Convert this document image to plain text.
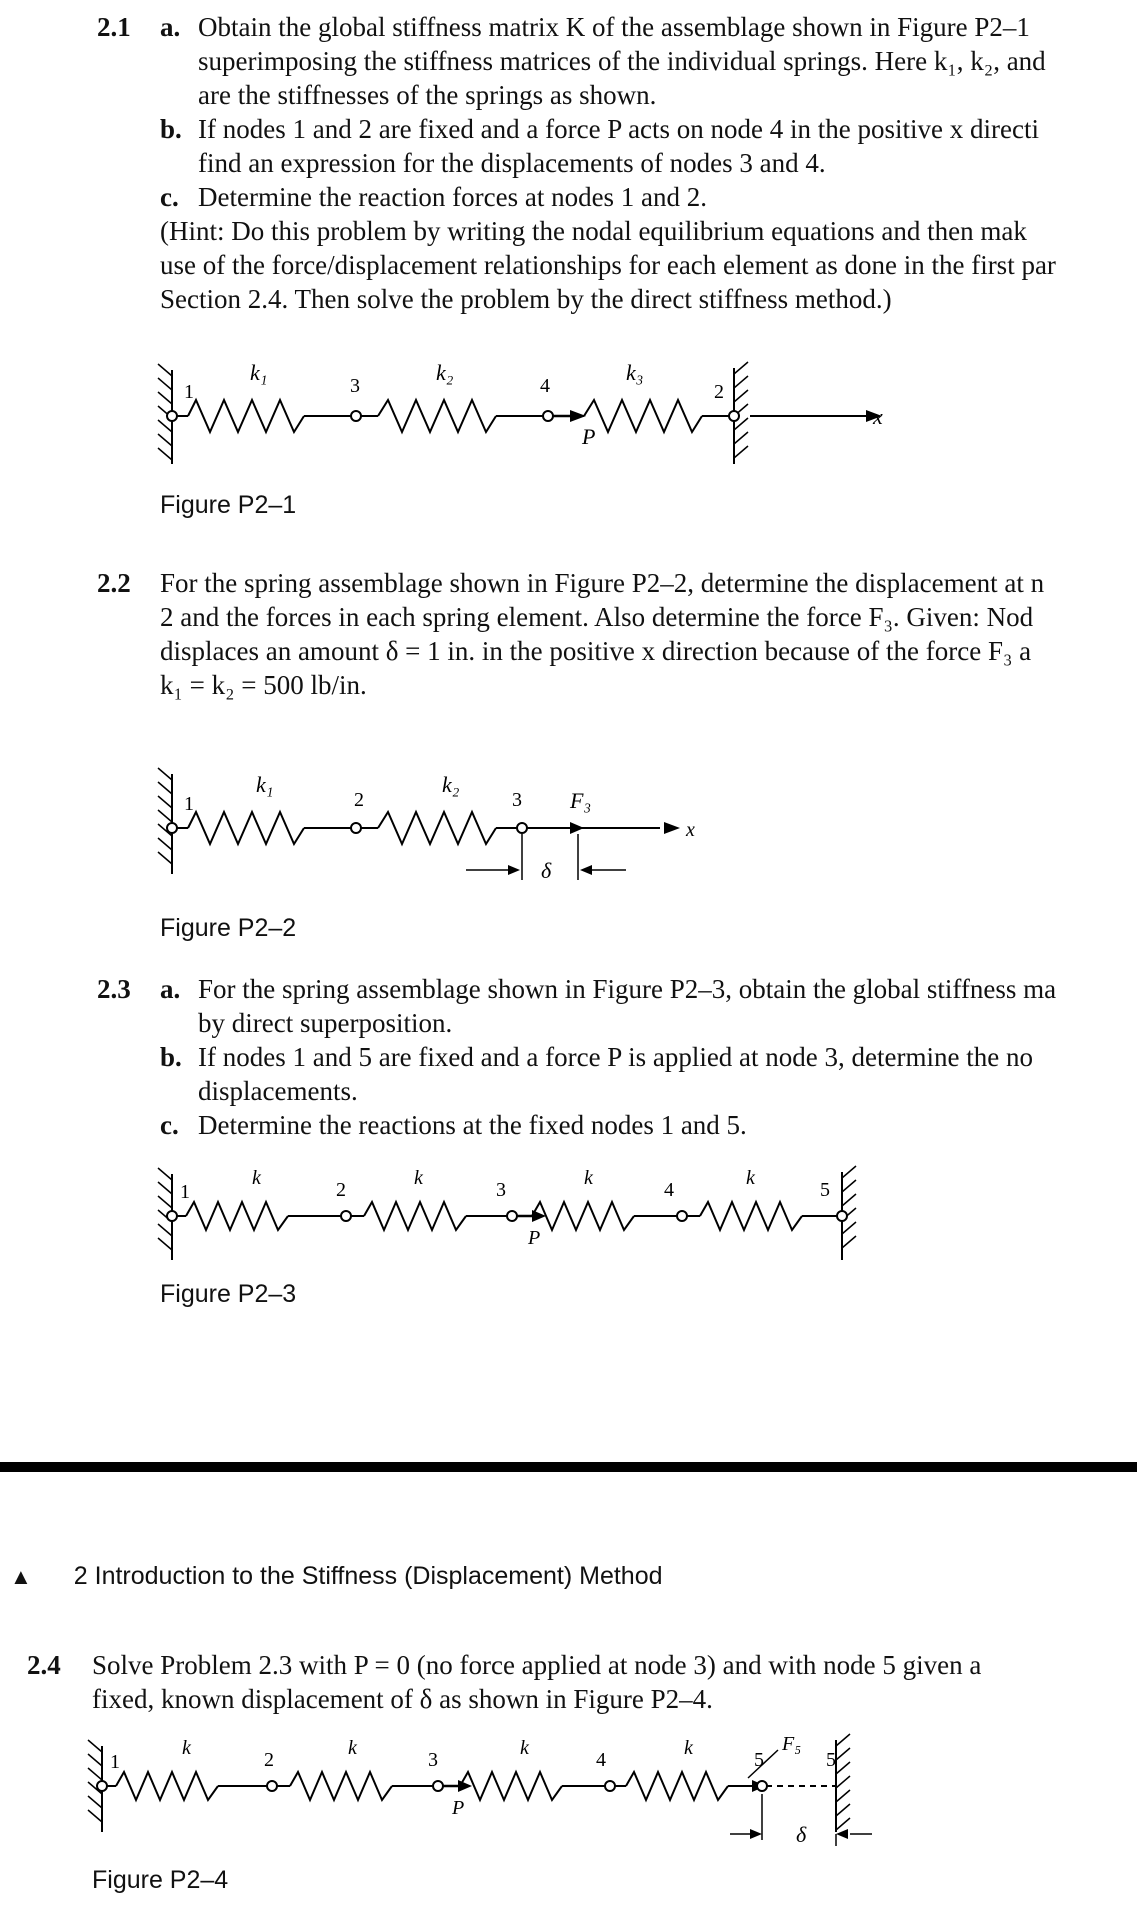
2.1 a. Obtain the global stiffness matrix K of the assemblage shown in Figure P2–1
superimposing the stiffness matrices of the individual springs. Here k₁, k₂, and
are the stiffnesses of the springs as shown.
b. If nodes 1 and 2 are fixed and a force P acts on node 4 in the positive x directi
find an expression for the displacements of nodes 3 and 4.
c. Determine the reaction forces at nodes 1 and 2.
(Hint: Do this problem by writing the nodal equilibrium equations and then mak
use of the force/displacement relationships for each element as done in the first par
Section 2.4. Then solve the problem by the direct stiffness method.)
1
k₁
3
k₂
4
k₃
2
P
x
Figure P2–1
2.2 For the spring assemblage shown in Figure P2–2, determine the displacement at n
2 and the forces in each spring element. Also determine the force F₃. Given: Nod
displaces an amount δ = 1 in. in the positive x direction because of the force F₃ a
k₁ = k₂ = 500 lb/in.
1
k₁
2
k₂
3 F₃
x
δ
Figure P2–2
2.3 a. For the spring assemblage shown in Figure P2–3, obtain the global stiffness ma
by direct superposition.
b. If nodes 1 and 5 are fixed and a force P is applied at node 3, determine the no
displacements.
c. Determine the reactions at the fixed nodes 1 and 5.
1
k
2
k
3
k
4
k
5
P
Figure P2–3
▲ 2 Introduction to the Stiffness (Displacement) Method
2.4 Solve Problem 2.3 with P = 0 (no force applied at node 3) and with node 5 given a
fixed, known displacement of δ as shown in Figure P2–4.
1
k
2
k
3
k
4
k
5	5
F₅
P
δ
Figure P2–4
